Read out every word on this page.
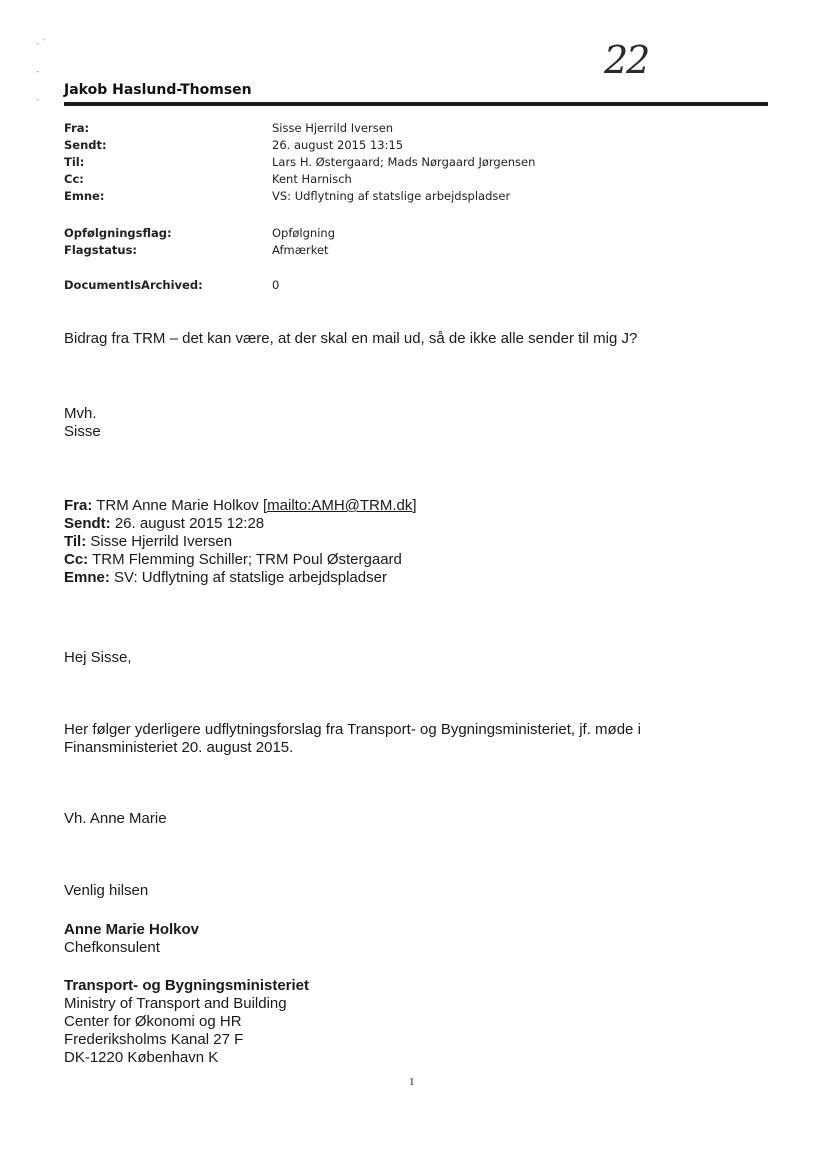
- `
-
-
22
Jakob Haslund-Thomsen
Fra:	Sisse Hjerrild Iversen
Sendt:	26. august 2015 13:15
Til:	Lars H. Østergaard; Mads Nørgaard Jørgensen
Cc:	Kent Harnisch
Emne:	VS: Udflytning af statslige arbejdspladser
Opfølgningsflag:	Opfølgning
Flagstatus:	Afmærket
DocumentIsArchived:	0
Bidrag fra TRM – det kan være, at der skal en mail ud, så de ikke alle sender til mig J?
Mvh.
Sisse
Fra: TRM Anne Marie Holkov [mailto:AMH@TRM.dk]
Sendt: 26. august 2015 12:28
Til: Sisse Hjerrild Iversen
Cc: TRM Flemming Schiller; TRM Poul Østergaard
Emne: SV: Udflytning af statslige arbejdspladser
Hej Sisse,
Her følger yderligere udflytningsforslag fra Transport- og Bygningsministeriet, jf. møde i
Finansministeriet 20. august 2015.
Vh. Anne Marie
Venlig hilsen
Anne Marie Holkov
Chefkonsulent
Transport- og Bygningsministeriet
Ministry of Transport and Building
Center for Økonomi og HR
Frederiksholms Kanal 27 F
DK-1220 København K
1
